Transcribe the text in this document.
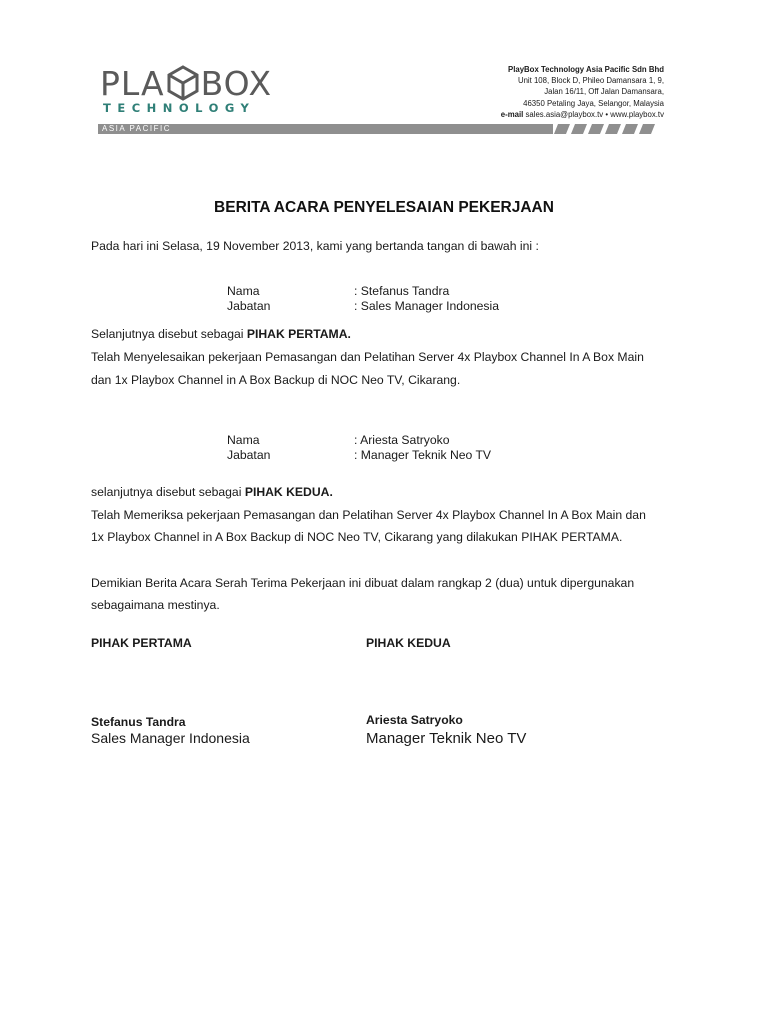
PLA BOX
TECHNOLOGY
ASIA PACIFIC
PlayBox Technology Asia Pacific Sdn Bhd
Unit 108, Block D, Phileo Damansara 1, 9,
Jalan 16/11, Off Jalan Damansara,
46350 Petaling Jaya, Selangor, Malaysia
e-mail sales.asia@playbox.tv • www.playbox.tv
BERITA ACARA PENYELESAIAN PEKERJAAN
Pada hari ini Selasa, 19 November 2013, kami yang bertanda tangan di bawah ini :
Nama	: Stefanus Tandra
Jabatan	: Sales Manager Indonesia
Selanjutnya disebut sebagai PIHAK PERTAMA.
Telah Menyelesaikan pekerjaan Pemasangan dan Pelatihan Server 4x Playbox Channel In A Box Main
dan 1x Playbox Channel in A Box Backup di NOC Neo TV, Cikarang.
Nama	: Ariesta Satryoko
Jabatan	: Manager Teknik Neo TV
selanjutnya disebut sebagai PIHAK KEDUA.
Telah Memeriksa pekerjaan Pemasangan dan Pelatihan Server 4x Playbox Channel In A Box Main dan
1x Playbox Channel in A Box Backup di NOC Neo TV, Cikarang yang dilakukan PIHAK PERTAMA.
Demikian Berita Acara Serah Terima Pekerjaan ini dibuat dalam rangkap 2 (dua) untuk dipergunakan
sebagaimana mestinya.
PIHAK PERTAMA	PIHAK KEDUA
Stefanus Tandra
Sales Manager Indonesia
Ariesta Satryoko
Manager Teknik Neo TV
